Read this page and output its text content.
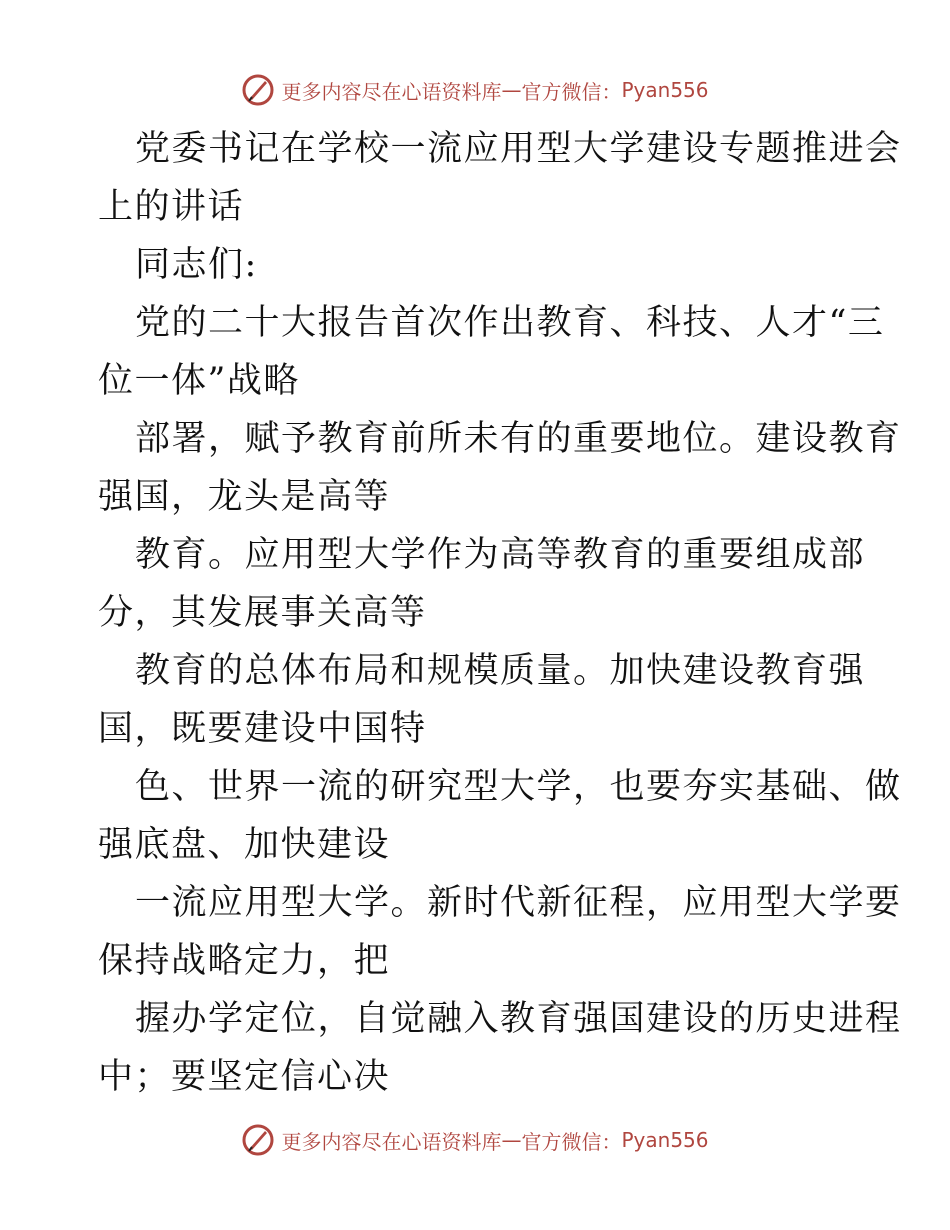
更多内容尽在心语资料库 — 官方微信： Pyan556
党委书记在学校一流应用型大学建设专题推进会
上的讲话
同志们:
党的二十大报告首次作出教育、科技、人才“三
位一体”战略
部署，赋予教育前所未有的重要地位。建设教育
强国，龙头是高等
教育。应用型大学作为高等教育的重要组成部
分，其发展事关高等
教育的总体布局和规模质量。加快建设教育强
国，既要建设中国特
色、世界一流的研究型大学，也要夯实基础、做
强底盘、加快建设
一流应用型大学。新时代新征程，应用型大学要
保持战略定力，把
握办学定位，自觉融入教育强国建设的历史进程
中；要坚定信心决
更多内容尽在心语资料库 — 官方微信： Pyan556
